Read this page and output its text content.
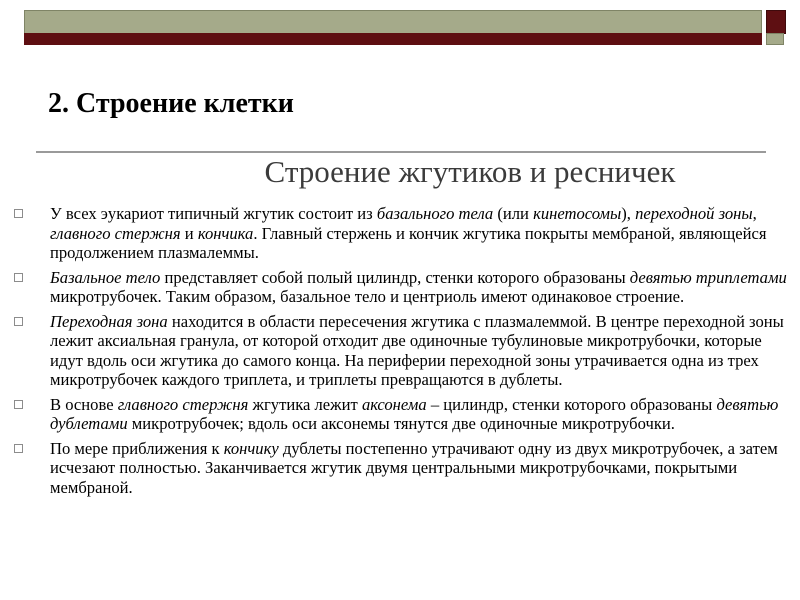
2. Строение клетки
Строение жгутиков и ресничек
У всех эукариот типичный жгутик состоит из базального тела (или кинетосомы), переходной зоны, главного стержня и кончика. Главный стержень и кончик жгутика покрыты мембраной, являющейся продолжением плазмалеммы.
Базальное тело представляет собой полый цилиндр, стенки которого образованы девятью триплетами микротрубочек. Таким образом, базальное тело и центриоль имеют одинаковое строение.
Переходная зона находится в области пересечения жгутика с плазмалеммой. В центре переходной зоны лежит аксиальная гранула, от которой отходит две одиночные тубулиновые микротрубочки, которые идут вдоль оси жгутика до самого конца. На периферии переходной зоны утрачивается одна из трех микротрубочек каждого триплета, и триплеты превращаются в дублеты.
В основе главного стержня жгутика лежит аксонема – цилиндр, стенки которого образованы девятью дублетами микротрубочек; вдоль оси аксонемы тянутся две одиночные микротрубочки.
По мере приближения к кончику дублеты постепенно утрачивают одну из двух микротрубочек, а затем исчезают полностью. Заканчивается жгутик двумя центральными микротрубочками, покрытыми мембраной.
